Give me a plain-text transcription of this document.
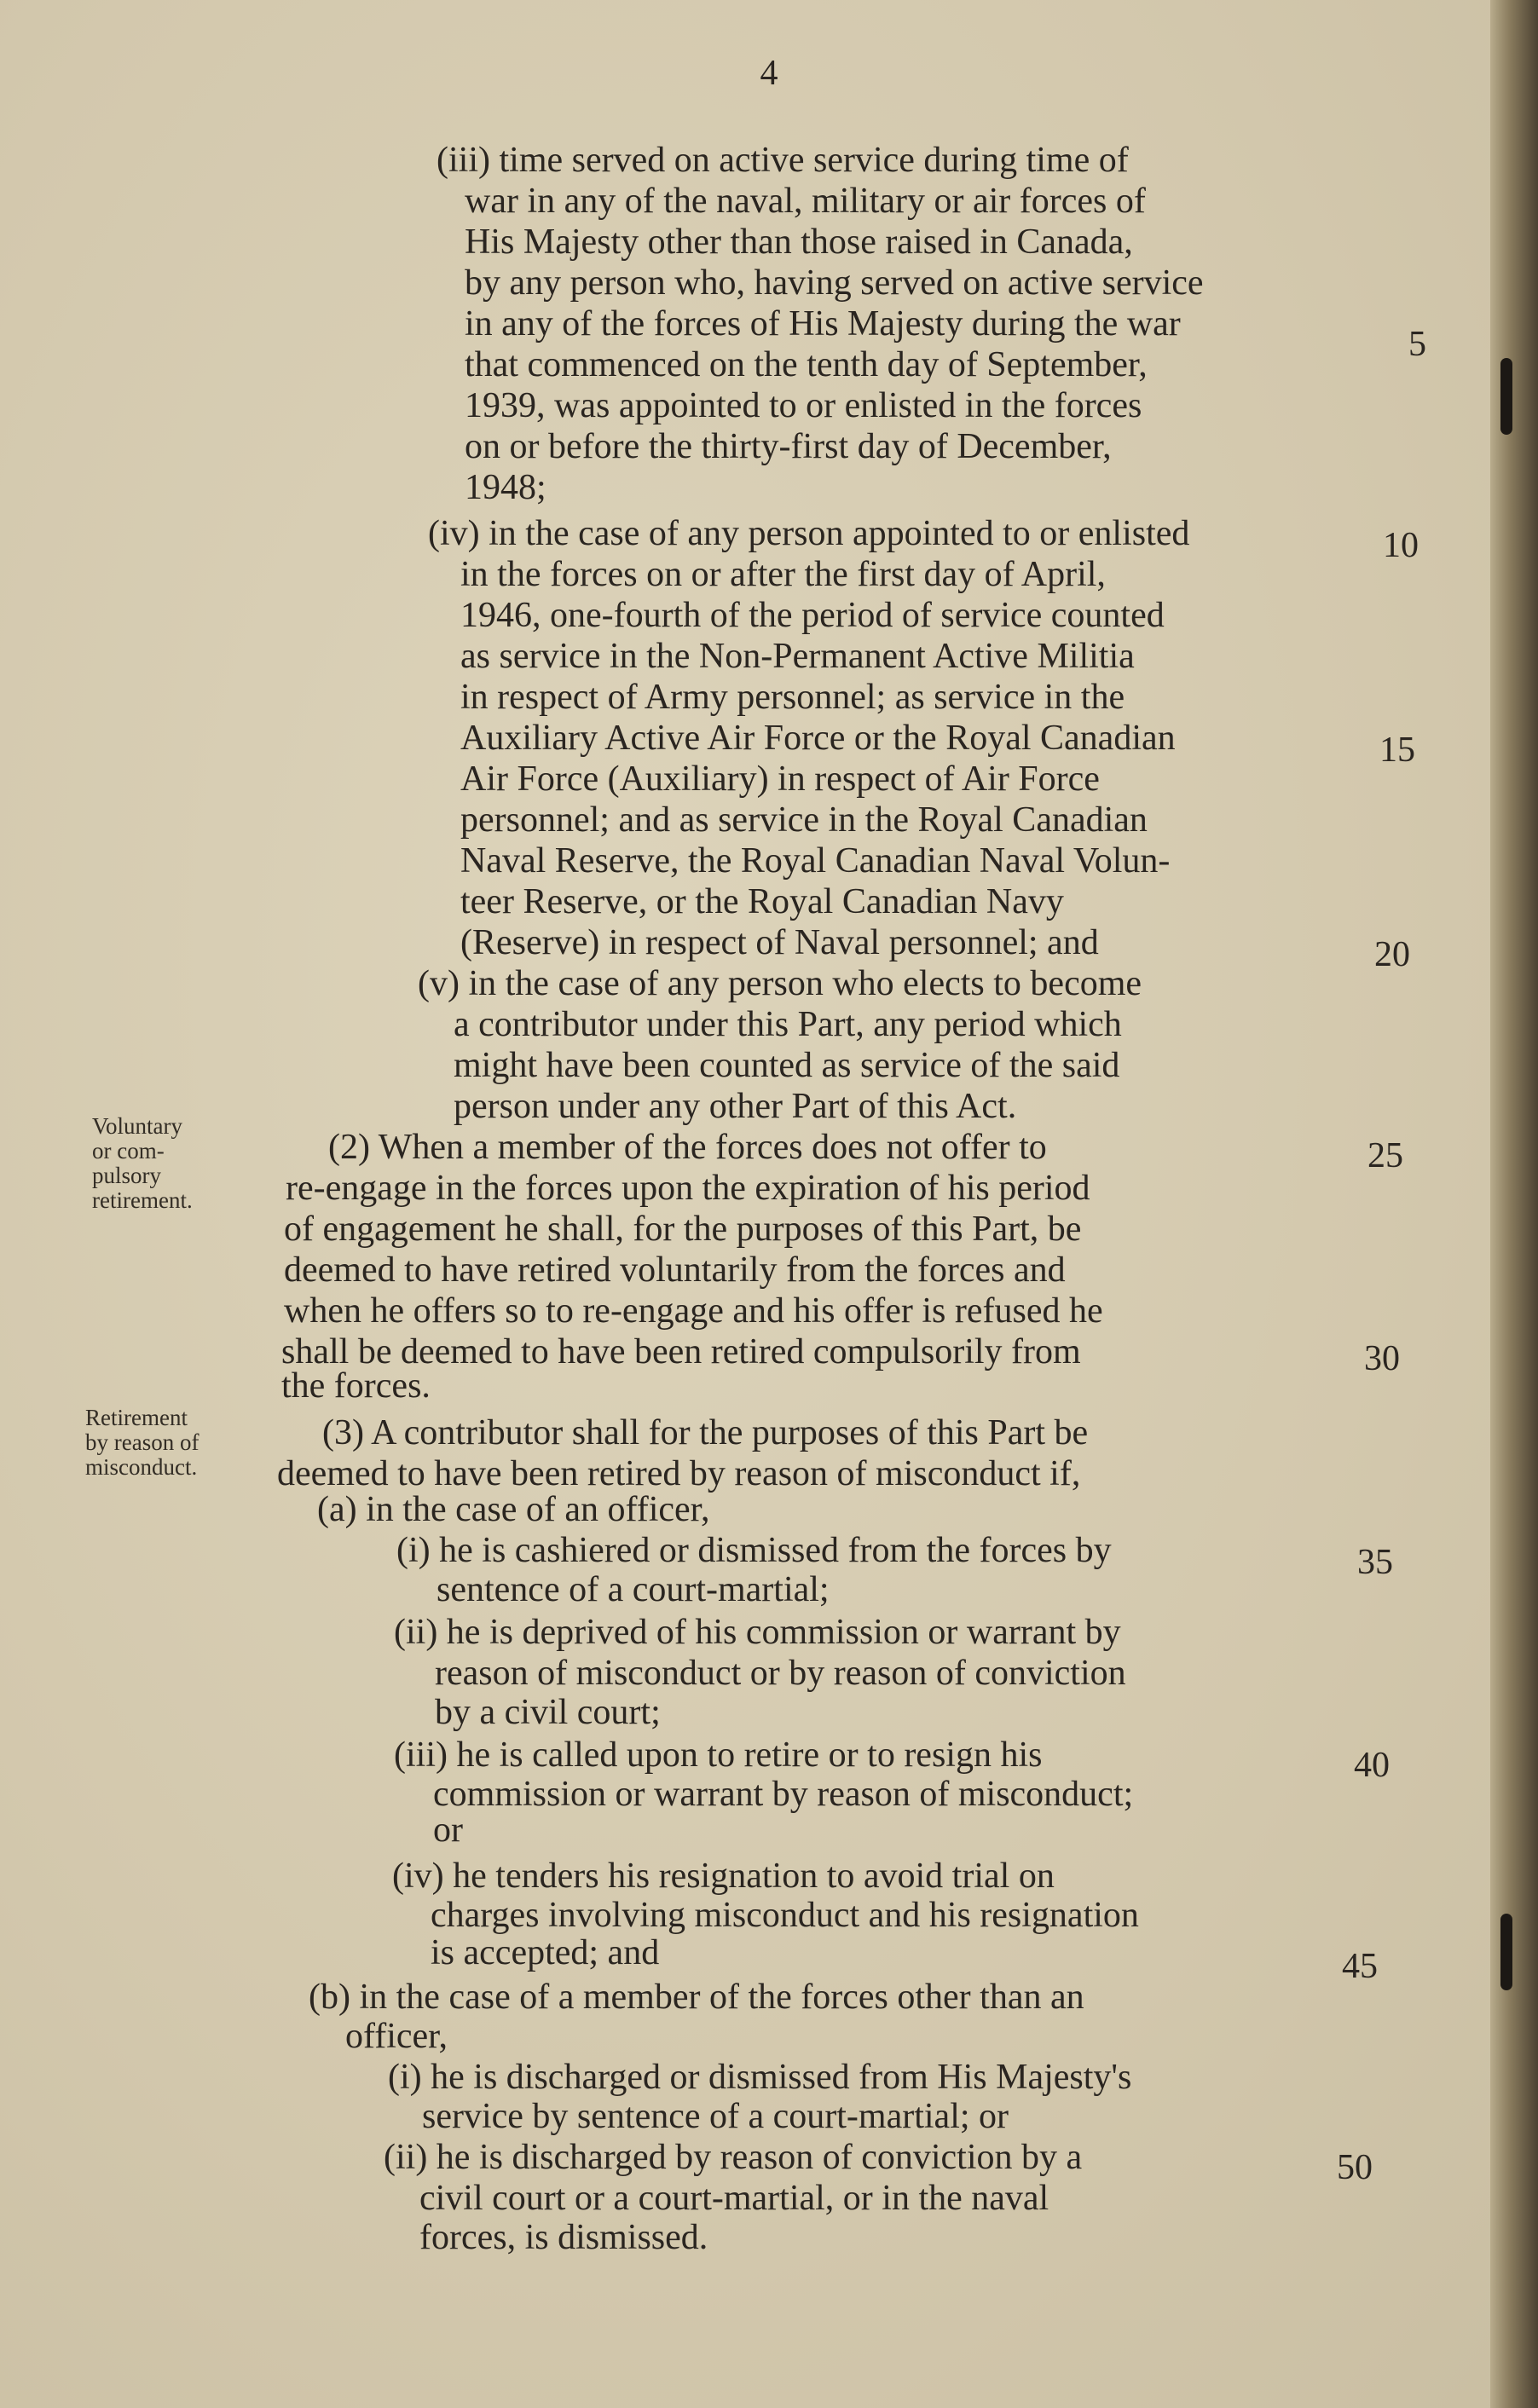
4

Voluntary

or com-

pulsory

retirement.

Retirement

by reason of

misconduct.

(iii) time served on active service during time of

war in any of the naval, military or air forces of

His Majesty other than those raised in Canada,

by any person who, having served on active service

in any of the forces of His Majesty during the war

that commenced on the tenth day of September,

1939, was appointed to or enlisted in the forces

on or before the thirty-first day of December,

1948;

(iv) in the case of any person appointed to or enlisted

in the forces on or after the first day of April,

1946, one-fourth of the period of service counted

as service in the Non-Permanent Active Militia

in respect of Army personnel; as service in the

Auxiliary Active Air Force or the Royal Canadian

Air Force (Auxiliary) in respect of Air Force

personnel; and as service in the Royal Canadian

Naval Reserve, the Royal Canadian Naval Volun-

teer Reserve, or the Royal Canadian Navy

(Reserve) in respect of Naval personnel; and

(v) in the case of any person who elects to become

a contributor under this Part, any period which

might have been counted as service of the said

person under any other Part of this Act.

(2) When a member of the forces does not offer to

re-engage in the forces upon the expiration of his period

of engagement he shall, for the purposes of this Part, be

deemed to have retired voluntarily from the forces and

when he offers so to re-engage and his offer is refused he

shall be deemed to have been retired compulsorily from

the forces.

(3) A contributor shall for the purposes of this Part be

deemed to have been retired by reason of misconduct if,

(a) in the case of an officer,

(i) he is cashiered or dismissed from the forces by

sentence of a court-martial;

(ii) he is deprived of his commission or warrant by

reason of misconduct or by reason of conviction

by a civil court;

(iii) he is called upon to retire or to resign his

commission or warrant by reason of misconduct;

or

(iv) he tenders his resignation to avoid trial on

charges involving misconduct and his resignation

is accepted; and

(b) in the case of a member of the forces other than an

officer,

(i) he is discharged or dismissed from His Majesty's

service by sentence of a court-martial; or

(ii) he is discharged by reason of conviction by a

civil court or a court-martial, or in the naval

forces, is dismissed.

5

10

15

20

25

30

35

40

45

50
